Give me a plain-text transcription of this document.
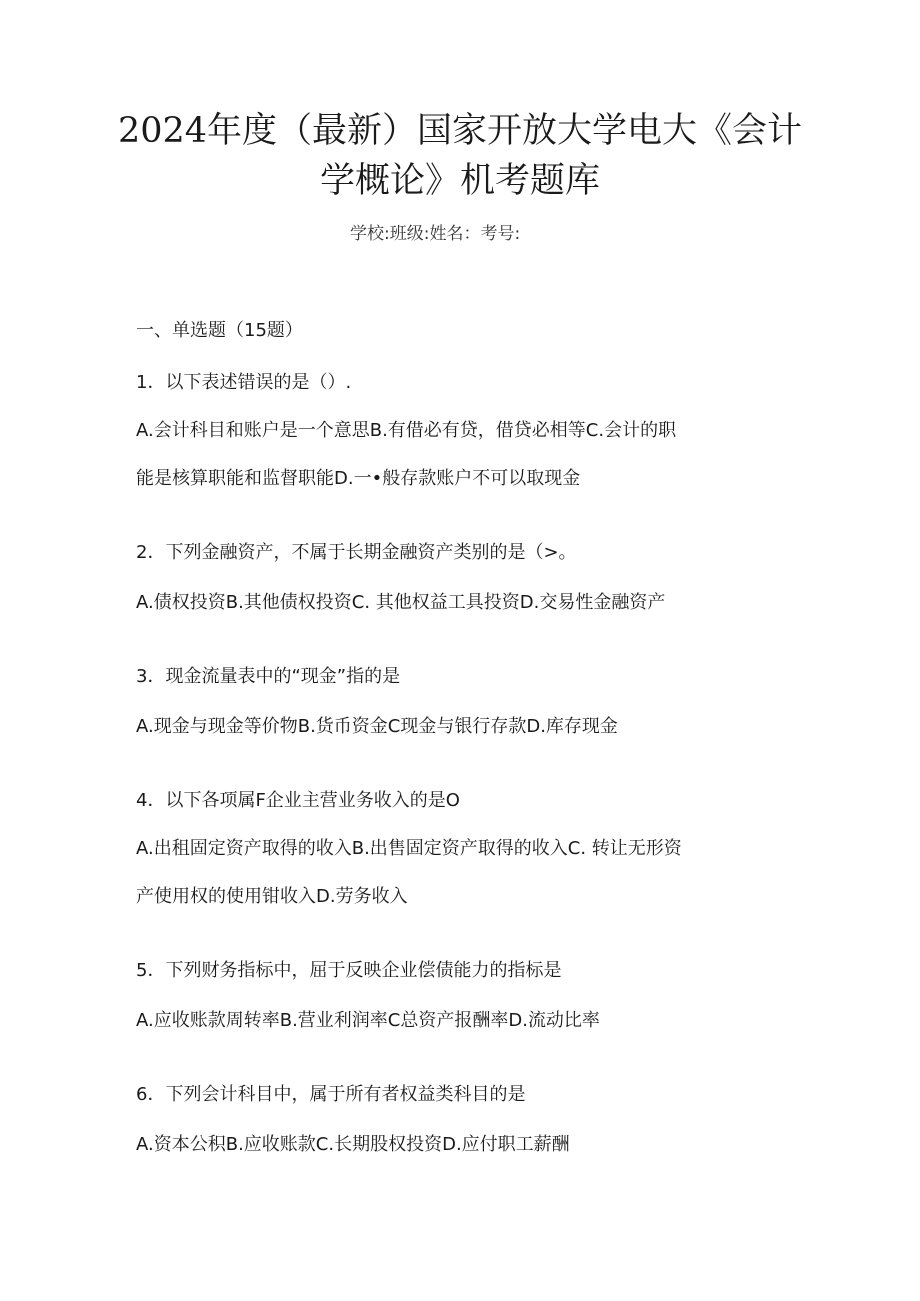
2024年度（最新）国家开放大学电大《会计
学概论》机考题库
学校:班级:姓名：考号:
一、单选题（15题）
1．以下表述错误的是（）.
A.会计科目和账户是一个意思B.有借必有贷，借贷必相等C.会计的职
能是核算职能和监督职能D.一•般存款账户不可以取现金
2．下列金融资产，不属于长期金融资产类别的是（>。
A.债权投资B.其他债权投资C. 其他权益工具投资D.交易性金融资产
3．现金流量表中的“现金”指的是
A.现金与现金等价物B.货币资金C现金与银行存款D.库存现金
4．以下各项属F企业主营业务收入的是O
A.出租固定资产取得的收入B.出售固定资产取得的收入C. 转让无形资
产使用权的使用钳收入D.劳务收入
5．下列财务指标中，屈于反映企业偿债能力的指标是
A.应收账款周转率B.营业利润率C总资产报酬率D.流动比率
6．下列会计科目中，属于所有者权益类科目的是
A.资本公积B.应收账款C.长期股权投资D.应付职工薪酬
